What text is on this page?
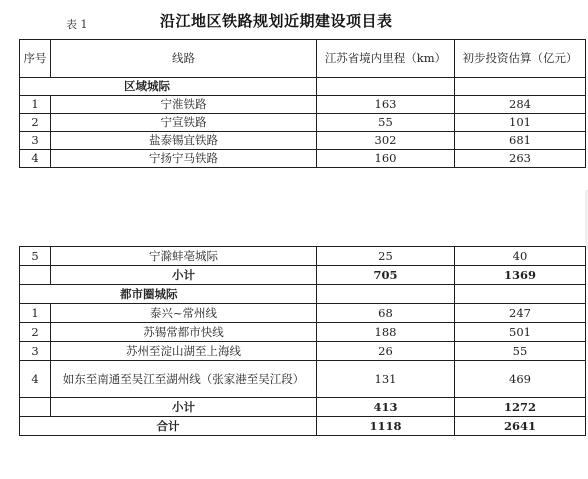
表 1	沿江地区铁路规划近期建设项目表
序号	线路	江苏省境内里程（km）	初步投资估算（亿元）
区域城际			
1	宁淮铁路	163	284
2	宁宣铁路	55	101
3	盐泰锡宜铁路	302	681
4	宁扬宁马铁路	160	263
5	宁滁蚌亳城际	25	40
	小计	705	1369
都市圈城际			
1	泰兴~常州线	68	247
2	苏锡常都市快线	188	501
3	苏州至淀山湖至上海线	26	55
4	如东至南通至吴江至湖州线（张家港至吴江段）	131	469
	小计	413	1272
合计		1118	2641
